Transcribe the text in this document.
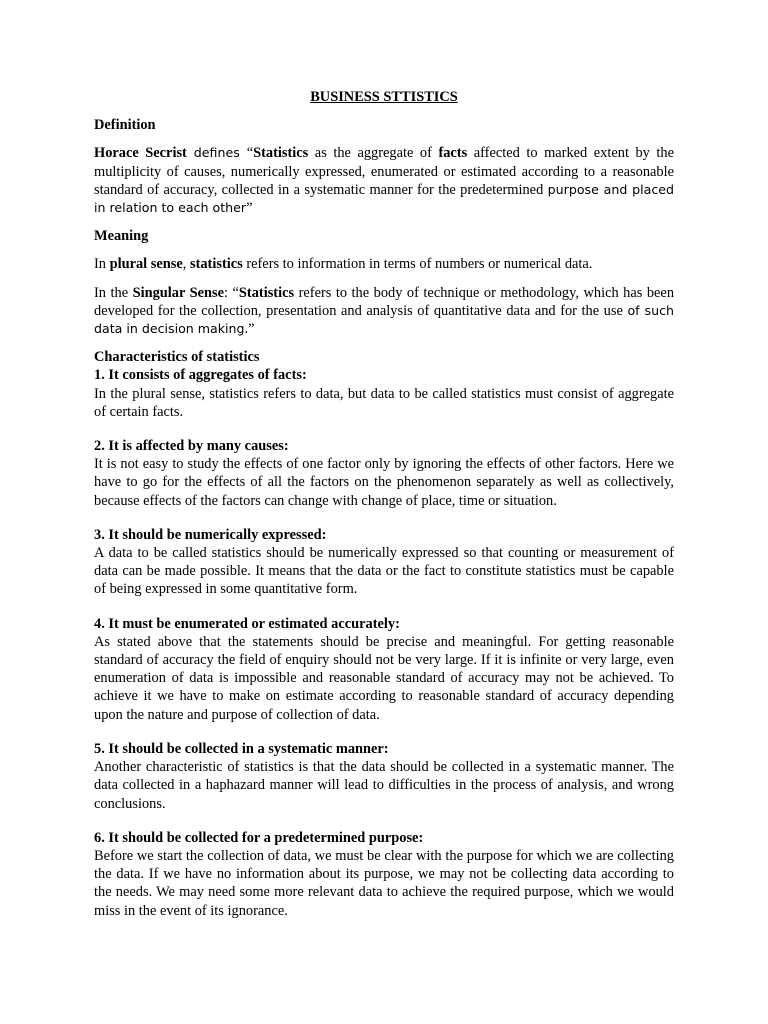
BUSINESS STTISTICS
Definition

Horace Secrist defines “Statistics as the aggregate of facts affected to marked extent by the multiplicity of causes, numerically expressed, enumerated or estimated according to a reasonable standard of accuracy, collected in a systematic manner for the predetermined purpose and placed in relation to each other”

Meaning

In plural sense, statistics refers to information in terms of numbers or numerical data.

In the Singular Sense: “Statistics refers to the body of technique or methodology, which has been developed for the collection, presentation and analysis of quantitative data and for the use of such data in decision making.”

Characteristics of statistics
1. It consists of aggregates of facts:
In the plural sense, statistics refers to data, but data to be called statistics must consist of aggregate of certain facts.
2. It is affected by many causes:
It is not easy to study the effects of one factor only by ignoring the effects of other factors. Here we have to go for the effects of all the factors on the phenomenon separately as well as collectively, because effects of the factors can change with change of place, time or situation.
3. It should be numerically expressed:
A data to be called statistics should be numerically expressed so that counting or measurement of data can be made possible. It means that the data or the fact to constitute statistics must be capable of being expressed in some quantitative form.
4. It must be enumerated or estimated accurately:
As stated above that the statements should be precise and meaningful. For getting reasonable standard of accuracy the field of enquiry should not be very large. If it is infinite or very large, even enumeration of data is impossible and reasonable standard of accuracy may not be achieved. To achieve it we have to make on estimate according to reasonable standard of accuracy depending upon the nature and purpose of collection of data.
5. It should be collected in a systematic manner:
Another characteristic of statistics is that the data should be collected in a systematic manner. The data collected in a haphazard manner will lead to difficulties in the process of analysis, and wrong conclusions.
6. It should be collected for a predetermined purpose:
Before we start the collection of data, we must be clear with the purpose for which we are collecting the data. If we have no information about its purpose, we may not be collecting data according to the needs. We may need some more relevant data to achieve the required purpose, which we would miss in the event of its ignorance.
